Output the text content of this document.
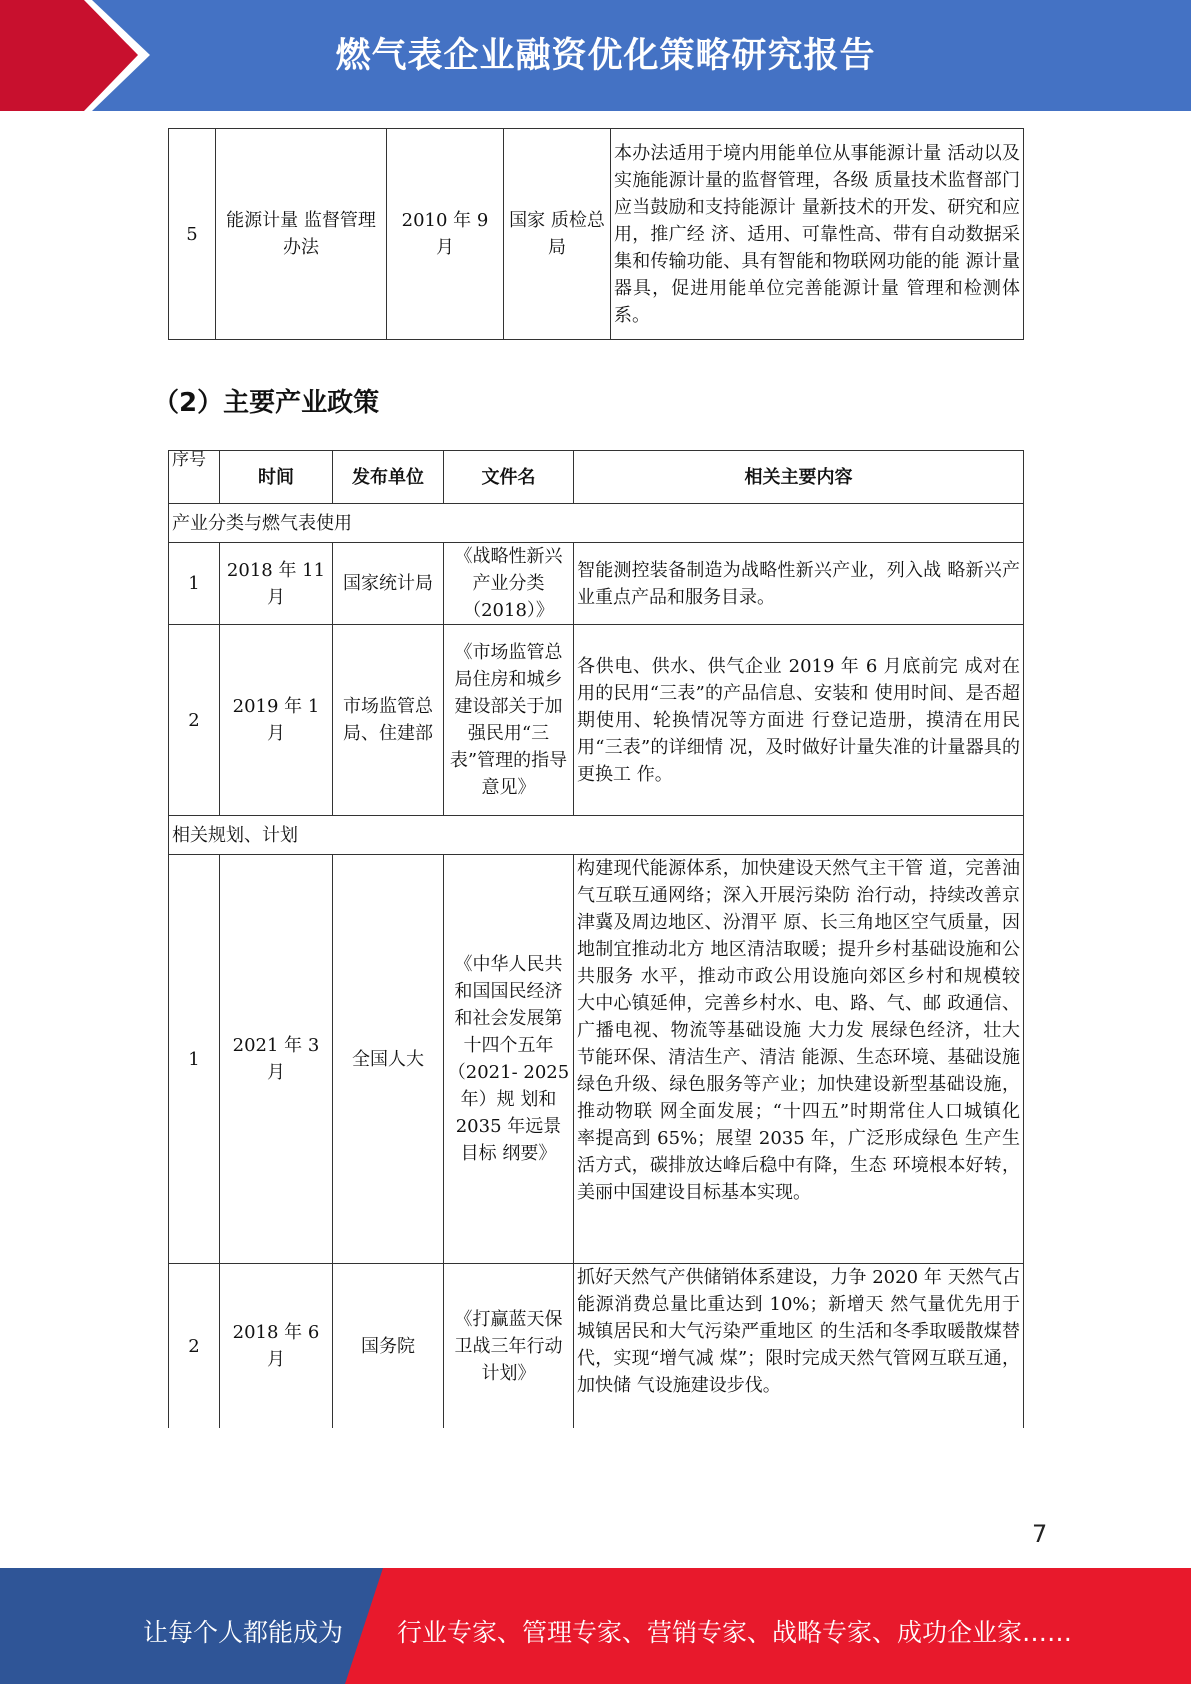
燃气表企业融资优化策略研究报告
5	能源计量 监督管理办法	2010 年 9 月	国家 质检总局	本办法适用于境内用能单位从事能源计量 活动以及实施能源计量的监督管理，各级 质量技术监督部门应当鼓励和支持能源计 量新技术的开发、研究和应用，推广经 济、适用、可靠性高、带有自动数据采集和传输功能、具有智能和物联网功能的能 源计量器具，促进用能单位完善能源计量 管理和检测体系。
（2）主要产业政策
序号	时间	发布单位	文件名	相关主要内容
产业分类与燃气表使用				
1	2018 年 11 月	国家统计局	《战略性新兴产业分类（2018）》	智能测控装备制造为战略性新兴产业，列入战 略新兴产业重点产品和服务目录。
2	2019 年 1 月	市场监管总局、住建部	《市场监管总局住房和城乡建设部关于加强民用“三表”管理的指导意见》	各供电、供水、供气企业 2019 年 6 月底前完 成对在用的民用“三表”的产品信息、安装和 使用时间、是否超期使用、轮换情况等方面进 行登记造册，摸清在用民用“三表”的详细情 况，及时做好计量失准的计量器具的更换工 作。
相关规划、计划				
1	2021 年 3 月	全国人大	《中华人民共和国国民经济和社会发展第十四个五年（2021- 2025 年）规 划和 2035 年远景目标 纲要》	构建现代能源体系，加快建设天然气主干管 道，完善油气互联互通网络；深入开展污染防 治行动，持续改善京津冀及周边地区、汾渭平 原、长三角地区空气质量，因地制宜推动北方 地区清洁取暖；提升乡村基础设施和公共服务 水平，推动市政公用设施向郊区乡村和规模较 大中心镇延伸，完善乡村水、电、路、气、邮 政通信、广播电视、物流等基础设施 大力发 展绿色经济，壮大节能环保、清洁生产、清洁 能源、生态环境、基础设施绿色升级、绿色服务等产业；加快建设新型基础设施，推动物联 网全面发展；“十四五”时期常住人口城镇化 率提高到 65%；展望 2035 年，广泛形成绿色 生产生活方式，碳排放达峰后稳中有降，生态 环境根本好转，美丽中国建设目标基本实现。
2	2018 年 6 月	国务院	《打赢蓝天保卫战三年行动计划》	抓好天然气产供储销体系建设，力争 2020 年 天然气占能源消费总量比重达到 10%；新增天 然气量优先用于城镇居民和大气污染严重地区 的生活和冬季取暖散煤替代，实现“增气减 煤”；限时完成天然气管网互联互通，加快储 气设施建设步伐。
7
让每个人都能成为 行业专家、管理专家、营销专家、战略专家、成功企业家……
